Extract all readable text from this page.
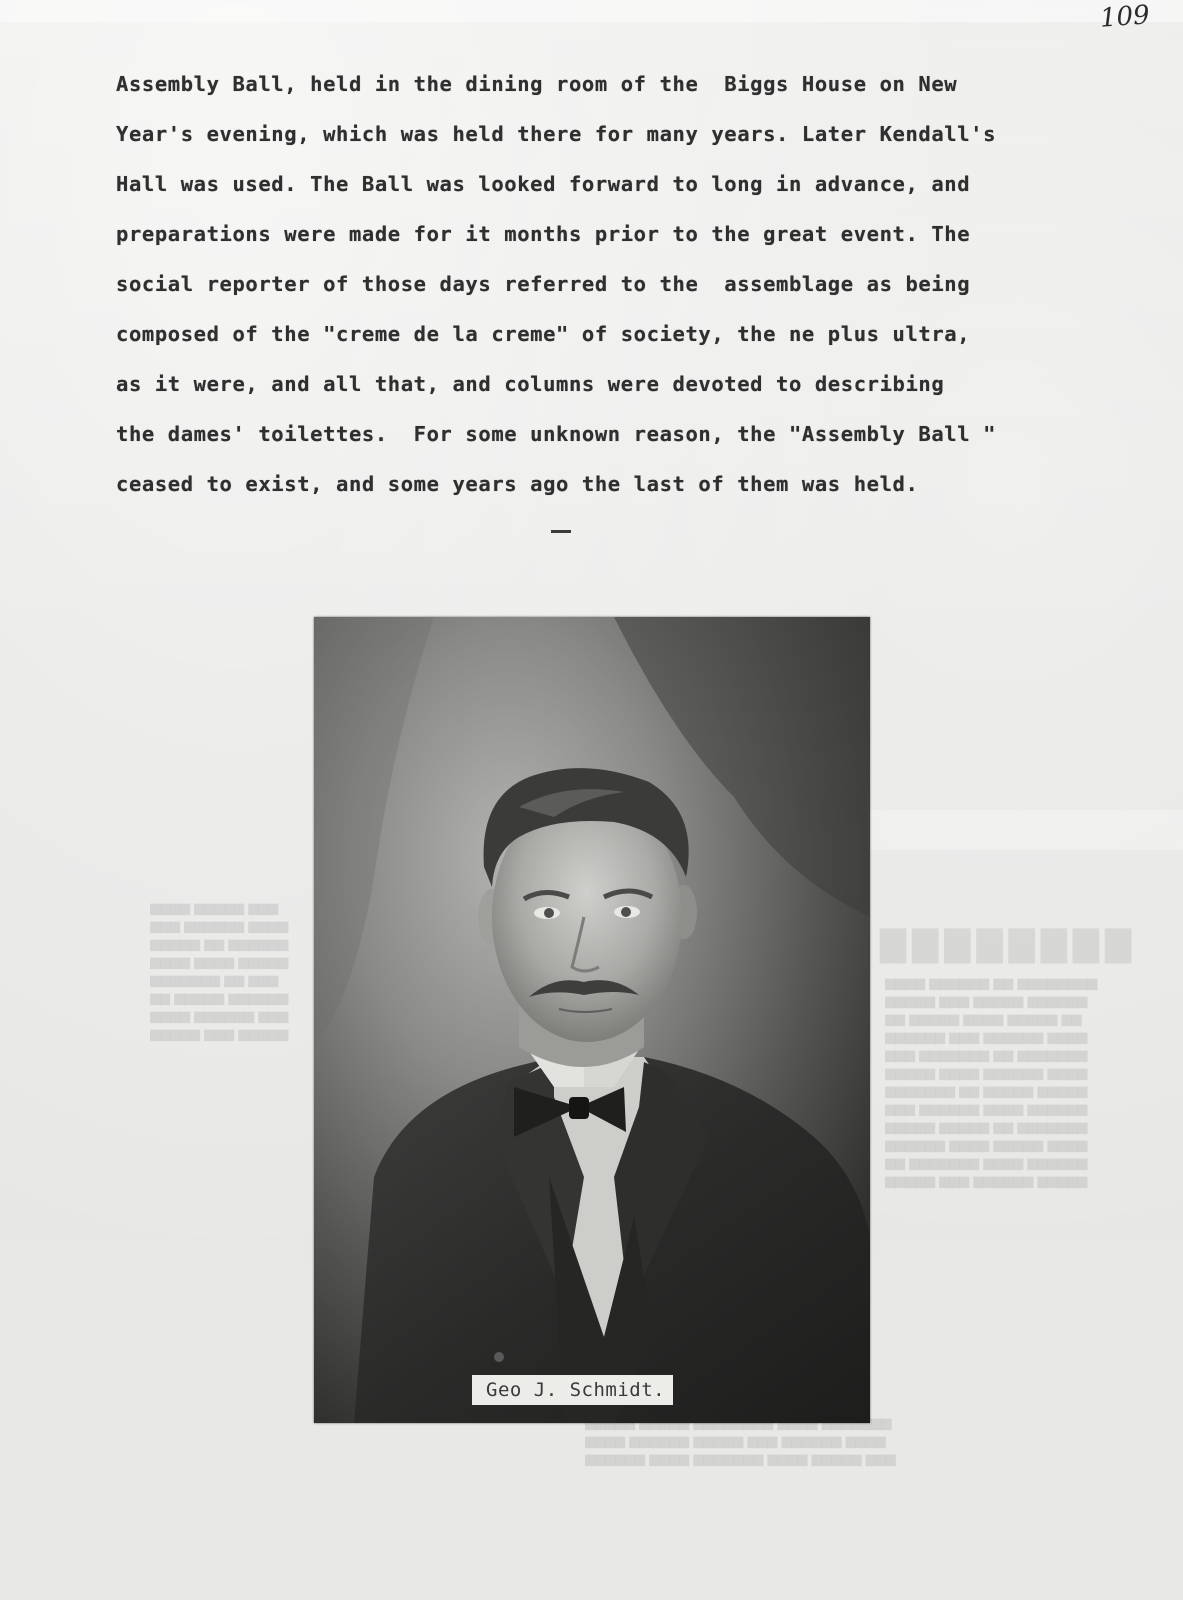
▇▇▇▇▇▇▇▇
▆▆▆▆ ▆▆▆▆▆ ▆▆▆
▆▆▆ ▆▆▆▆▆▆ ▆▆▆▆
▆▆▆▆▆ ▆▆ ▆▆▆▆▆▆
▆▆▆▆ ▆▆▆▆ ▆▆▆▆▆
▆▆▆▆▆▆▆ ▆▆ ▆▆▆
▆▆ ▆▆▆▆▆ ▆▆▆▆▆▆
▆▆▆▆ ▆▆▆▆▆▆ ▆▆▆
▆▆▆▆▆ ▆▆▆ ▆▆▆▆▆
▆▆▆▆ ▆▆▆▆▆▆ ▆▆ ▆▆▆▆▆▆▆▆
▆▆▆▆▆ ▆▆▆ ▆▆▆▆▆ ▆▆▆▆▆▆
▆▆ ▆▆▆▆▆ ▆▆▆▆ ▆▆▆▆▆ ▆▆
▆▆▆▆▆▆ ▆▆▆ ▆▆▆▆▆▆ ▆▆▆▆
▆▆▆ ▆▆▆▆▆▆▆ ▆▆ ▆▆▆▆▆▆▆
▆▆▆▆▆ ▆▆▆▆ ▆▆▆▆▆▆ ▆▆▆▆
▆▆▆▆▆▆▆ ▆▆ ▆▆▆▆▆ ▆▆▆▆▆
▆▆▆ ▆▆▆▆▆▆ ▆▆▆▆ ▆▆▆▆▆▆
▆▆▆▆▆ ▆▆▆▆▆ ▆▆ ▆▆▆▆▆▆▆
▆▆▆▆▆▆ ▆▆▆▆ ▆▆▆▆▆ ▆▆▆▆
▆▆ ▆▆▆▆▆▆▆ ▆▆▆▆ ▆▆▆▆▆▆
▆▆▆▆▆ ▆▆▆ ▆▆▆▆▆▆ ▆▆▆▆▆
▆▆▆▆▆ ▆▆▆▆▆ ▆▆▆▆▆▆▆▆ ▆▆▆▆ ▆▆▆▆▆▆▆
▆▆▆▆ ▆▆▆▆▆▆ ▆▆▆▆▆ ▆▆▆ ▆▆▆▆▆▆ ▆▆▆▆
▆▆▆▆▆▆ ▆▆▆▆ ▆▆▆▆▆▆▆ ▆▆▆▆ ▆▆▆▆▆ ▆▆▆
109
Assembly Ball, held in the dining room of the  Biggs House on New
Year's evening, which was held there for many years. Later Kendall's
Hall was used. The Ball was looked forward to long in advance, and
preparations were made for it months prior to the great event. The
social reporter of those days referred to the  assemblage as being
composed of the "creme de la creme" of society, the ne plus ultra,
as it were, and all that, and columns were devoted to describing
the dames' toilettes.  For some unknown reason, the "Assembly Ball "
ceased to exist, and some years ago the last of them was held.
Geo J. Schmidt.
